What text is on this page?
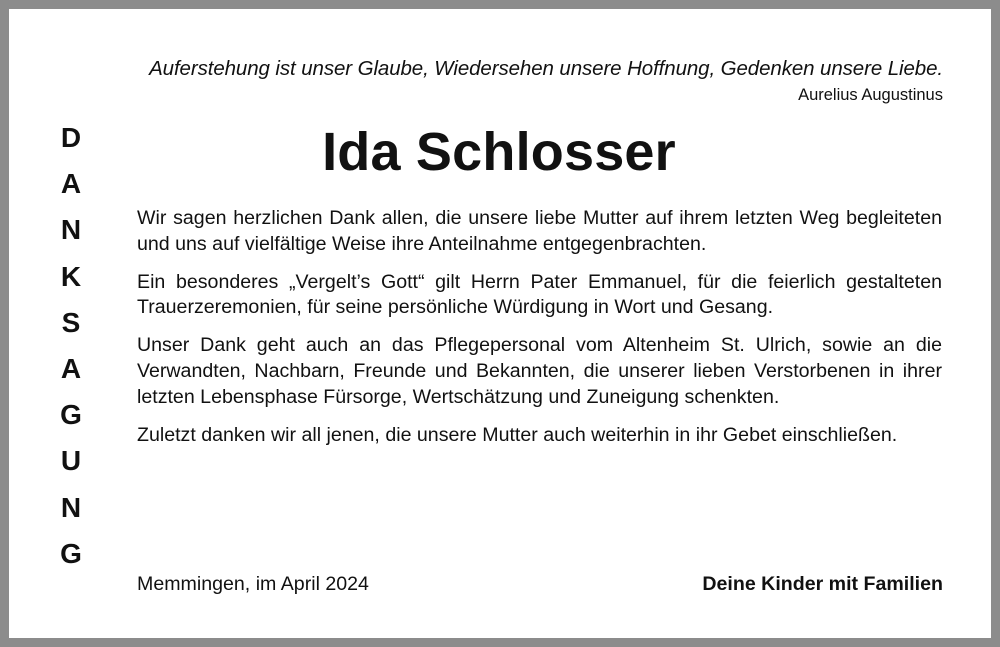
Auferstehung ist unser Glaube, Wiedersehen unsere Hoffnung, Gedenken unsere Liebe.

Aurelius Augustinus

D
A
N
K
S
A
G
U
N
G
Ida Schlosser

Wir sagen herzlichen Dank allen, die unsere liebe Mutter auf ihrem letzten Weg begleiteten und uns auf vielfältige Weise ihre Anteilnahme entgegenbrachten.

Ein besonderes „Vergelt’s Gott“ gilt Herrn Pater Emmanuel, für die feierlich gestalteten Trauerzeremonien, für seine persönliche Würdigung in Wort und Gesang.

Unser Dank geht auch an das Pflegepersonal vom Altenheim St. Ulrich, sowie an die Verwandten, Nachbarn, Freunde und Bekannten, die unserer lieben Verstorbenen in ihrer letzten Lebensphase Fürsorge, Wertschätzung und Zuneigung schenkten.

Zuletzt danken wir all jenen, die unsere Mutter auch weiterhin in ihr Gebet einschließen.

Memmingen, im April 2024	Deine Kinder mit Familien
